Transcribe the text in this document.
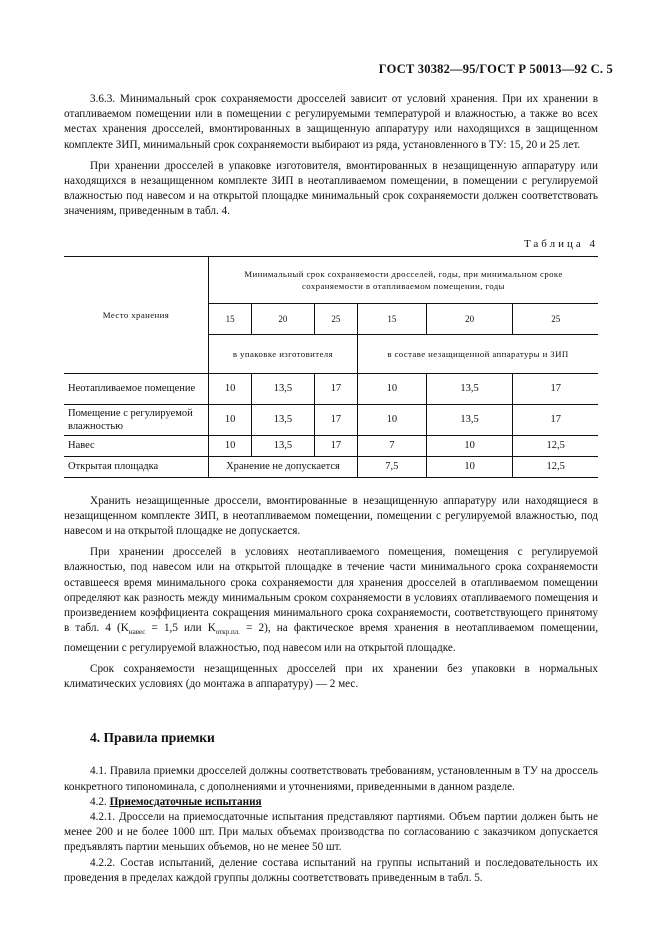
ГОСТ 30382—95/ГОСТ Р 50013—92 С. 5

3.6.3. Минимальный срок сохраняемости дросселей зависит от условий хранения. При их хранении в отапливаемом помещении или в помещении с регулируемыми температурой и влажностью, а также во всех местах хранения дросселей, вмонтированных в защищенную аппаратуру или находящихся в защищенном комплекте ЗИП, минимальный срок сохраняемости выбирают из ряда, установленного в ТУ: 15, 20 и 25 лет.

При хранении дросселей в упаковке изготовителя, вмонтированных в незащищенную аппаратуру или находящихся в незащищенном комплекте ЗИП в неотапливаемом помещении, в помещении с регулируемой влажностью под навесом и на открытой площадке минимальный срок сохраняемости должен соответствовать значениям, приведенным в табл. 4.

Таблица 4
Место хранения	Минимальный срок сохраняемости дросселей, годы, при минимальном сроке сохраняемости в отапливаемом помещении, годы					
	15	20	25	15	20	25
	в упаковке изготовителя			в составе незащищенной аппаратуры и ЗИП		
Неотапливаемое помещение	10	13,5	17	10	13,5	17
Помещение с регулируемой влажностью	10	13,5	17	10	13,5	17
Навес	10	13,5	17	7	10	12,5
Открытая площадка	Хранение не допускается			7,5	10	12,5

Хранить незащищенные дроссели, вмонтированные в незащищенную аппаратуру или находящиеся в незащищенном комплекте ЗИП, в неотапливаемом помещении, помещении с регулируемой влажностью, под навесом и на открытой площадке не допускается.

При хранении дросселей в условиях неотапливаемого помещения, помещения с регулируемой влажностью, под навесом или на открытой площадке в течение части минимального срока сохраняемости оставшееся время минимального срока сохраняемости для хранения дросселей в отапливаемом помещении определяют как разность между минимальным сроком сохраняемости в условиях отапливаемого помещения и произведением коэффициента сокращения минимального срока сохраняемости, соответствующего принятому в табл. 4 ($K_{навес} = 1,5$ или $K_{откр.пл.} = 2$), на фактическое время хранения в неотапливаемом помещении, помещении с регулируемой влажностью, под навесом или на открытой площадке.

Срок сохраняемости незащищенных дросселей при их хранении без упаковки в нормальных климатических условиях (до монтажа в аппаратуру) — 2 мес.

4. Правила приемки

4.1. Правила приемки дросселей должны соответствовать требованиям, установленным в ТУ на дроссель конкретного типономинала, с дополнениями и уточнениями, приведенными в данном разделе.

4.2. Приемосдаточные испытания

4.2.1. Дроссели на приемосдаточные испытания представляют партиями. Объем партии должен быть не менее 200 и не более 1000 шт. При малых объемах производства по согласованию с заказчиком допускается предъявлять партии меньших объемов, но не менее 50 шт.

4.2.2. Состав испытаний, деление состава испытаний на группы испытаний и последовательность их проведения в пределах каждой группы должны соответствовать приведенным в табл. 5.
